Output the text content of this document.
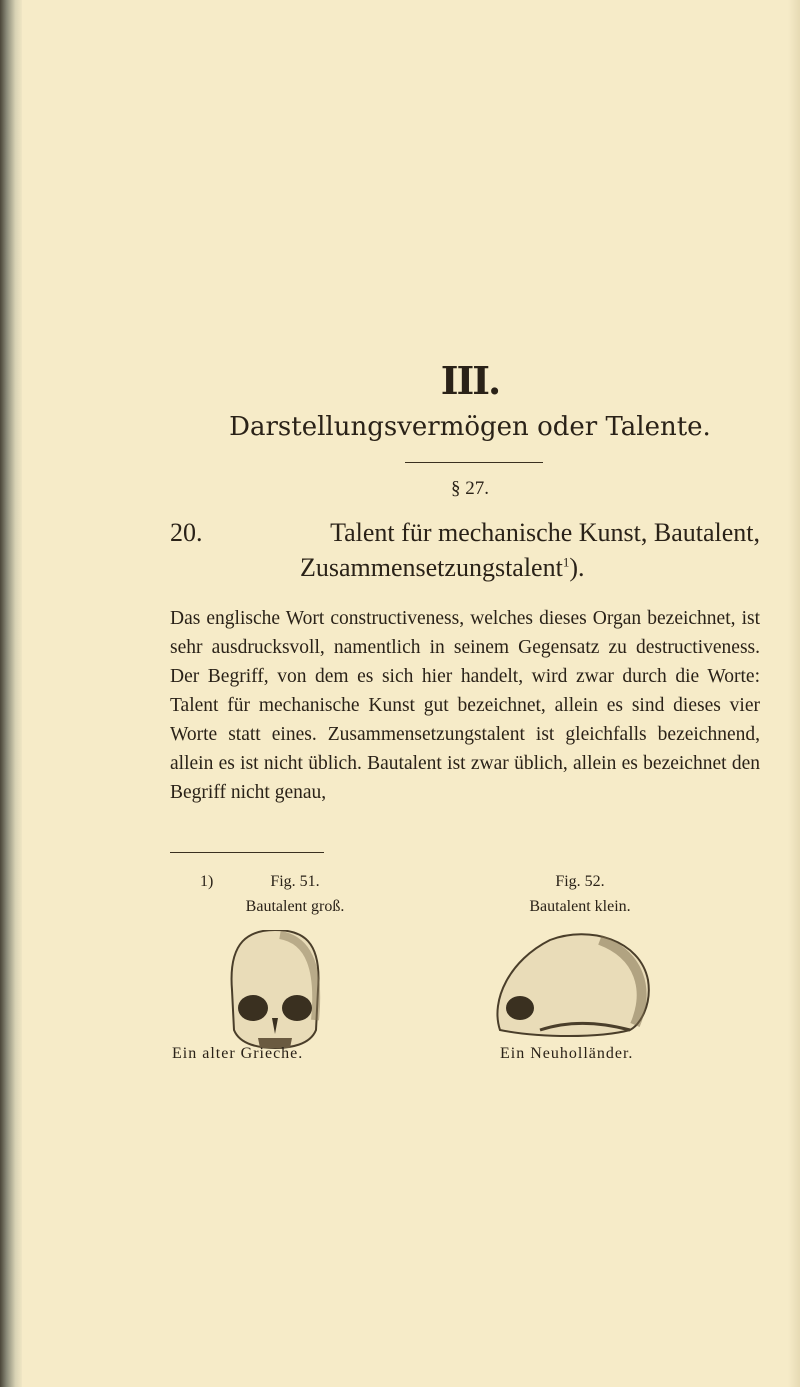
III.
Darstellungsvermögen oder Talente.
§ 27.
20.	Talent für mechanische Kunst, Bautalent,
Zusammensetzungstalent$^1$).
Das englische Wort constructiveness, welches dieses Organ bezeichnet, ist sehr ausdrucksvoll, namentlich in seinem Gegensatz zu destructiveness. Der Begriff, von dem es sich hier handelt, wird zwar durch die Worte: Talent für mechanische Kunst gut bezeichnet, allein es sind dieses vier Worte statt eines. Zusammensetzungstalent ist gleichfalls bezeichnend, allein es ist nicht üblich. Bautalent ist zwar üblich, allein es bezeichnet den Begriff nicht genau,
1)	Fig. 51.
Bautalent groß.
Fig. 52.
Bautalent klein.
Ein alter Grieche.	Ein Neuholländer.
